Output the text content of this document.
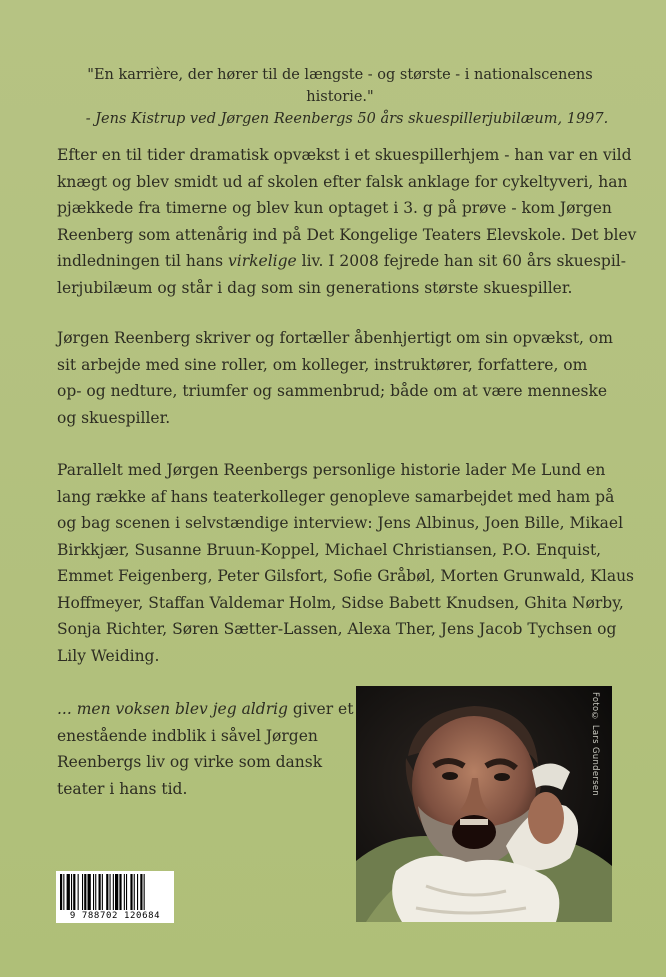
"En karrière, der hører til de længste - og største - i nationalscenens historie."
- Jens Kistrup ved Jørgen Reenbergs 50 års skuespillerjubilæum, 1997.

Efter en til tider dramatisk opvækst i et skuespillerhjem - han var en vild
knægt og blev smidt ud af skolen efter falsk anklage for cykeltyveri, han
pjækkede fra timerne og blev kun optaget i 3. g på prøve - kom Jørgen
Reenberg som attenårig ind på Det Kongelige Teaters Elevskole. Det blev
indledningen til hans virkelige liv. I 2008 fejrede han sit 60 års skuespil-
lerjubilæum og står i dag som sin generations største skuespiller.

Jørgen Reenberg skriver og fortæller åbenhjertigt om sin opvækst, om
sit arbejde med sine roller, om kolleger, instruktører, forfattere, om
op- og nedture, triumfer og sammenbrud; både om at være menneske
og skuespiller.

Parallelt med Jørgen Reenbergs personlige historie lader Me Lund en
lang række af hans teaterkolleger genopleve samarbejdet med ham på
og bag scenen i selvstændige interview: Jens Albinus, Joen Bille, Mikael
Birkkjær, Susanne Bruun-Koppel, Michael Christiansen, P.O. Enquist,
Emmet Feigenberg, Peter Gilsfort, Sofie Gråbøl, Morten Grunwald, Klaus
Hoffmeyer, Staffan Valdemar Holm, Sidse Babett Knudsen, Ghita Nørby,
Sonja Richter, Søren Sætter-Lassen, Alexa Ther, Jens Jacob Tychsen og
Lily Weiding.

... men voksen blev jeg aldrig giver et
enestående indblik i såvel Jørgen
Reenbergs liv og virke som dansk
teater i hans tid.	Foto© Lars Gundersen
9 788702 120684
